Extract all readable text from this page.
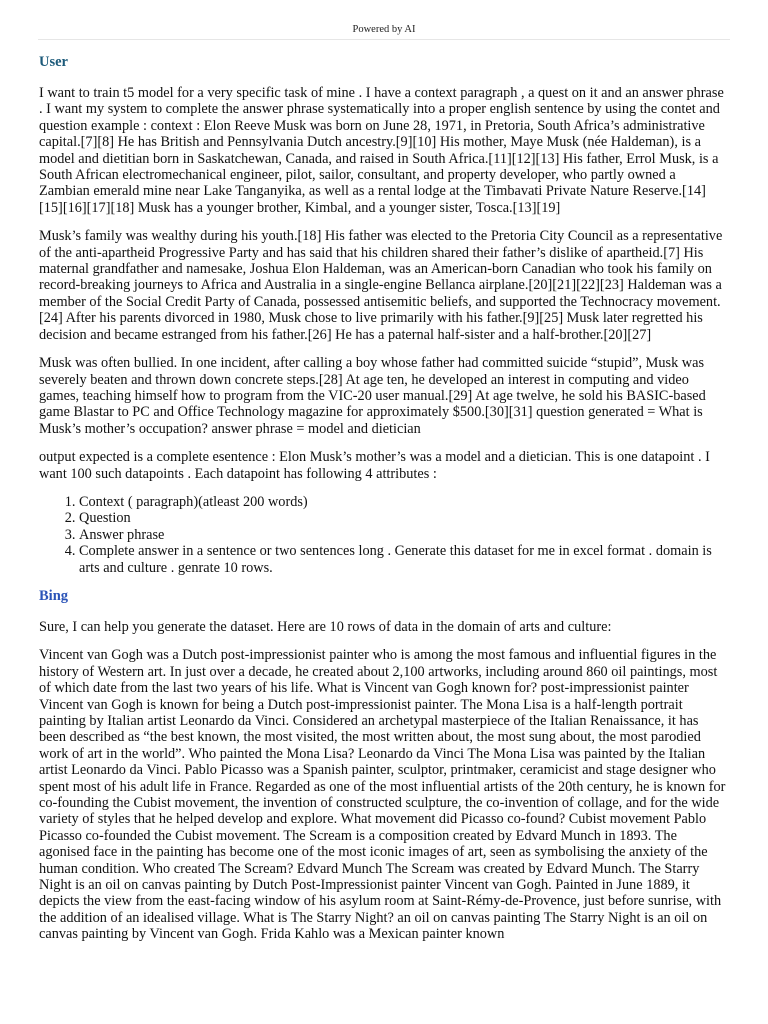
Powered by AI
User

I want to train t5 model for a very specific task of mine . I have a context paragraph , a quest on it and an answer phrase . I want my system to complete the answer phrase systematically into a proper english sentence by using the contet and question example : context : Elon Reeve Musk was born on June 28, 1971, in Pretoria, South Africa’s administrative capital.[7][8] He has British and Pennsylvania Dutch ancestry.[9][10] His mother, Maye Musk (née Haldeman), is a model and dietitian born in Saskatchewan, Canada, and raised in South Africa.[11][12][13] His father, Errol Musk, is a South African electromechanical engineer, pilot, sailor, consultant, and property developer, who partly owned a Zambian emerald mine near Lake Tanganyika, as well as a rental lodge at the Timbavati Private Nature Reserve.[14][15][16][17][18] Musk has a younger brother, Kimbal, and a younger sister, Tosca.[13][19]

Musk’s family was wealthy during his youth.[18] His father was elected to the Pretoria City Council as a representative of the anti-apartheid Progressive Party and has said that his children shared their father’s dislike of apartheid.[7] His maternal grandfather and namesake, Joshua Elon Haldeman, was an American-born Canadian who took his family on record-breaking journeys to Africa and Australia in a single-engine Bellanca airplane.[20][21][22][23] Haldeman was a member of the Social Credit Party of Canada, possessed antisemitic beliefs, and supported the Technocracy movement.[24] After his parents divorced in 1980, Musk chose to live primarily with his father.[9][25] Musk later regretted his decision and became estranged from his father.[26] He has a paternal half-sister and a half-brother.[20][27]

Musk was often bullied. In one incident, after calling a boy whose father had committed suicide “stupid”, Musk was severely beaten and thrown down concrete steps.[28] At age ten, he developed an interest in computing and video games, teaching himself how to program from the VIC-20 user manual.[29] At age twelve, he sold his BASIC-based game Blastar to PC and Office Technology magazine for approximately $500.[30][31] question generated = What is Musk’s mother’s occupation? answer phrase = model and dietician

output expected is a complete esentence : Elon Musk’s mother’s was a model and a dietician. This is one datapoint . I want 100 such datapoints . Each datapoint has following 4 attributes :

1. Context ( paragraph)(atleast 200 words)
2. Question
3. Answer phrase
4. Complete answer in a sentence or two sentences long . Generate this dataset for me in excel format . domain is arts and culture . genrate 10 rows.
Bing

Sure, I can help you generate the dataset. Here are 10 rows of data in the domain of arts and culture:

Vincent van Gogh was a Dutch post-impressionist painter who is among the most famous and influential figures in the history of Western art. In just over a decade, he created about 2,100 artworks, including around 860 oil paintings, most of which date from the last two years of his life. What is Vincent van Gogh known for? post-impressionist painter Vincent van Gogh is known for being a Dutch post-impressionist painter. The Mona Lisa is a half-length portrait painting by Italian artist Leonardo da Vinci. Considered an archetypal masterpiece of the Italian Renaissance, it has been described as “the best known, the most visited, the most written about, the most sung about, the most parodied work of art in the world”. Who painted the Mona Lisa? Leonardo da Vinci The Mona Lisa was painted by the Italian artist Leonardo da Vinci. Pablo Picasso was a Spanish painter, sculptor, printmaker, ceramicist and stage designer who spent most of his adult life in France. Regarded as one of the most influential artists of the 20th century, he is known for co-founding the Cubist movement, the invention of constructed sculpture, the co-invention of collage, and for the wide variety of styles that he helped develop and explore. What movement did Picasso co-found? Cubist movement Pablo Picasso co-founded the Cubist movement. The Scream is a composition created by Edvard Munch in 1893. The agonised face in the painting has become one of the most iconic images of art, seen as symbolising the anxiety of the human condition. Who created The Scream? Edvard Munch The Scream was created by Edvard Munch. The Starry Night is an oil on canvas painting by Dutch Post-Impressionist painter Vincent van Gogh. Painted in June 1889, it depicts the view from the east-facing window of his asylum room at Saint-Rémy-de-Provence, just before sunrise, with the addition of an idealised village. What is The Starry Night? an oil on canvas painting The Starry Night is an oil on canvas painting by Vincent van Gogh. Frida Kahlo was a Mexican painter known
